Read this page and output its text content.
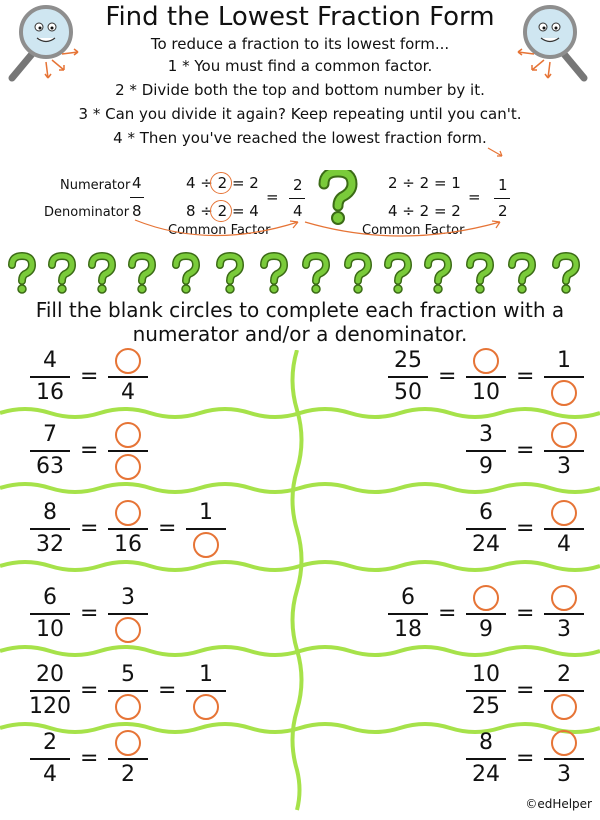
Find the Lowest Fraction Form
To reduce a fraction to its lowest form...
1 * You must find a common factor.
2 * Divide both the top and bottom number by it.
3 * Can you divide it again? Keep repeating until you can't.
4 * Then you've reached the lowest fraction form.
Numerator
Denominator
4
8
4 ÷ 2 = 2
8 ÷ 2 = 4
Common Factor
=
2
4
2 ÷ 2 = 1
4 ÷ 2 = 2
Common Factor
=
1
2
Fill the blank circles to complete each fraction with a numerator and/or a denominator.
4
16
=
4
7
63
=
8
32
=
16
=
1
6
10
=
3
20
120
=
5
=
1
2
4
=
2
25
50
=
10
=
1
3
9
=
3
6
24
=
4
6
18
=
9
=
3
10
25
=
2
8
24
=
3
©edHelper
